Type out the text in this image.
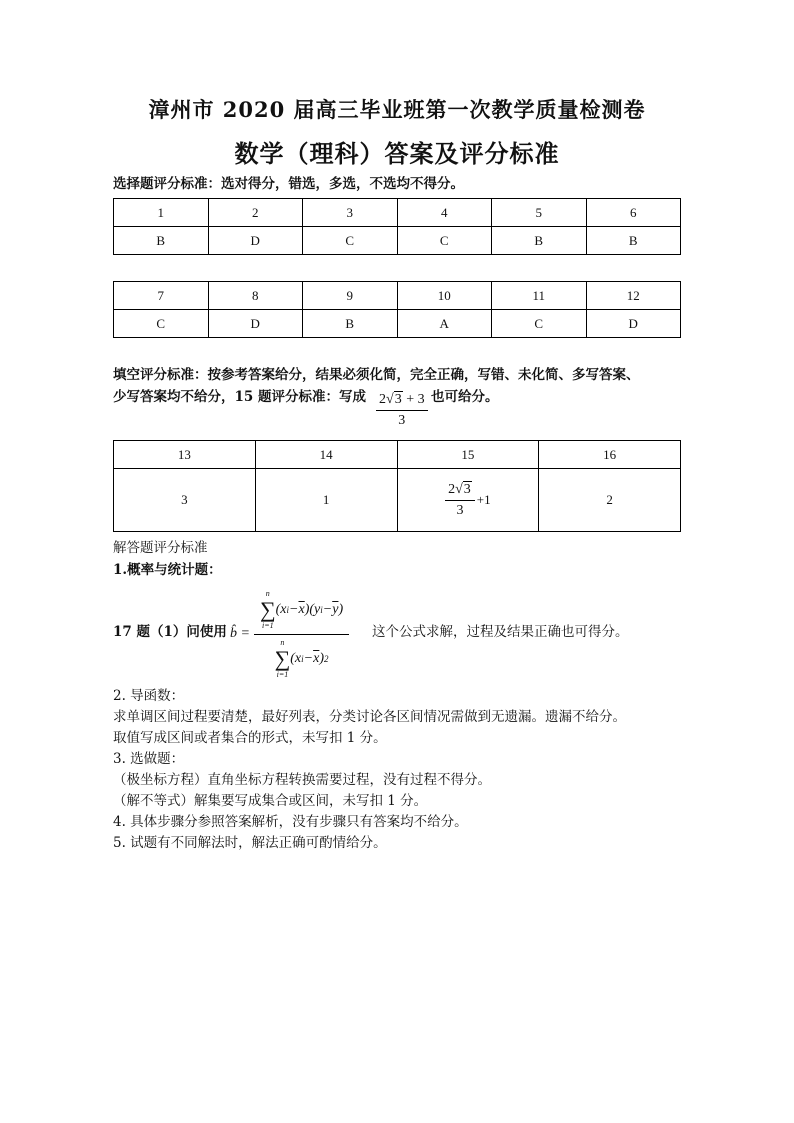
漳州市 2020 届高三毕业班第一次教学质量检测卷
数学（理科）答案及评分标准
选择题评分标准：选对得分，错选，多选，不选均不得分。
1	2	3	4	5	6
B	D	C	C	B	B
7	8	9	10	11	12
C	D	B	A	C	D
填空评分标准：按参考答案给分，结果必须化简，完全正确，写错、未化简、多写答案、
少写答案均不给分，15 题评分标准：写成 $\frac{2√3 + 3}{3}$ 也可给分。
13	14	15	16
3	1	$\frac{2√3}{3} +1$	2
解答题评分标准
1.概率与统计题：
17 题（1）问使用 b̂ = n
∑
i=1
(x $i - \overline{x}$ )(y $i - \overline{y}$ )
n
∑
i=1
(x $i - \overline{x}$ ) 2 这个公式求解，过程及结果正确也可得分。
2. 导函数：
求单调区间过程要清楚，最好列表，分类讨论各区间情况需做到无遗漏。遗漏不给分。
取值写成区间或者集合的形式，未写扣 1 分。
3. 选做题：
（极坐标方程）直角坐标方程转换需要过程，没有过程不得分。
（解不等式）解集要写成集合或区间，未写扣 1 分。
4. 具体步骤分参照答案解析，没有步骤只有答案均不给分。
5. 试题有不同解法时，解法正确可酌情给分。
